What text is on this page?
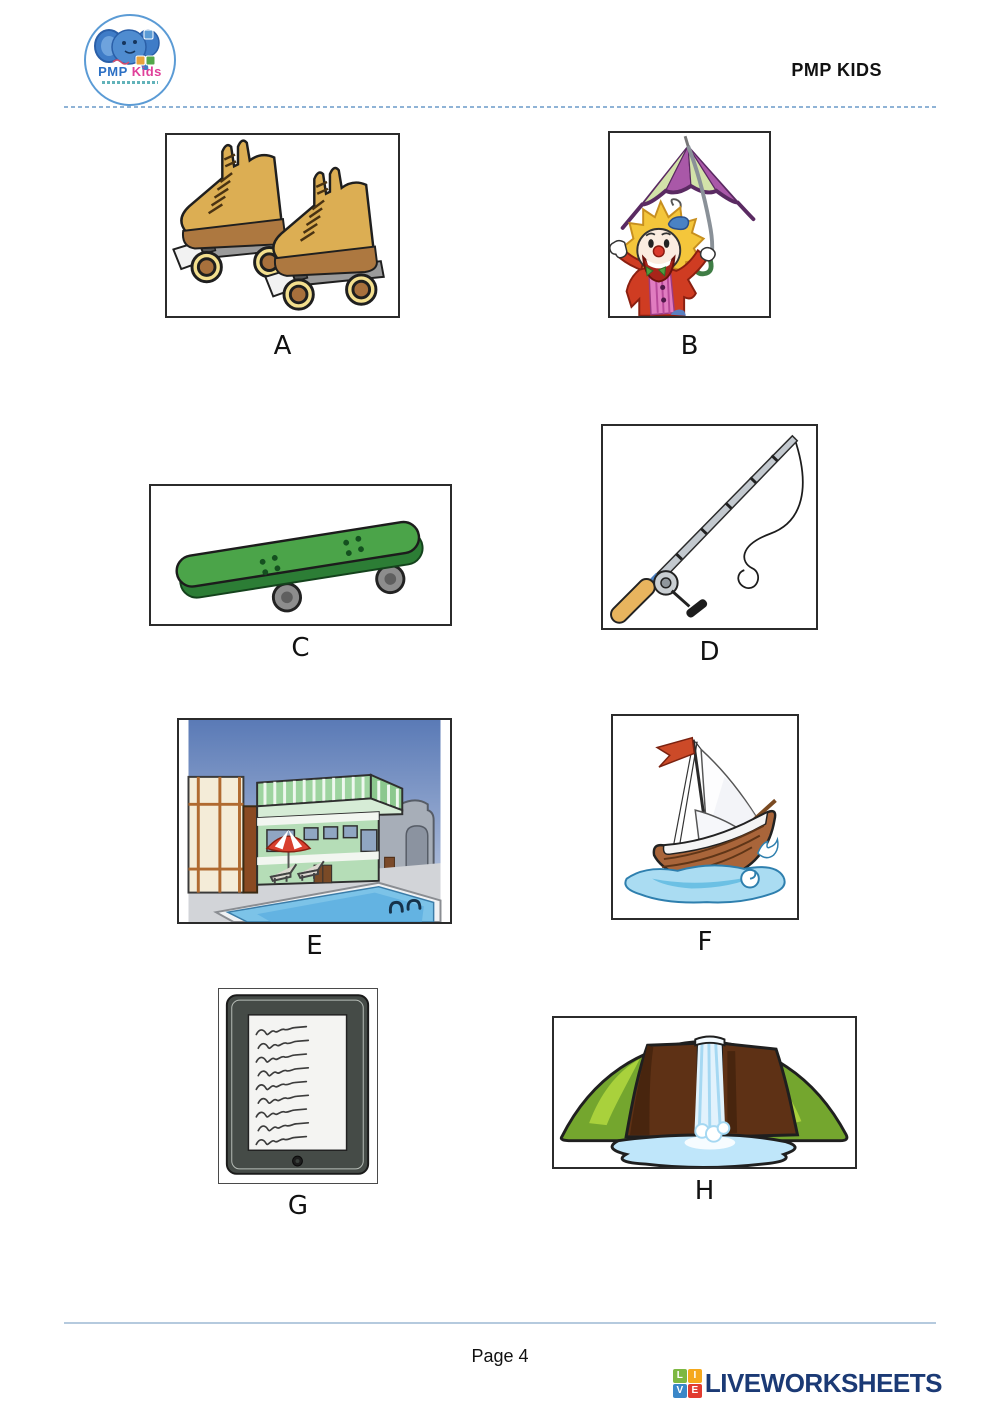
PMP Kids	PMP KIDS
A	B
C	D
E	F
G	H
Page 4
L	I
V E LIVEWORKSHEETS
